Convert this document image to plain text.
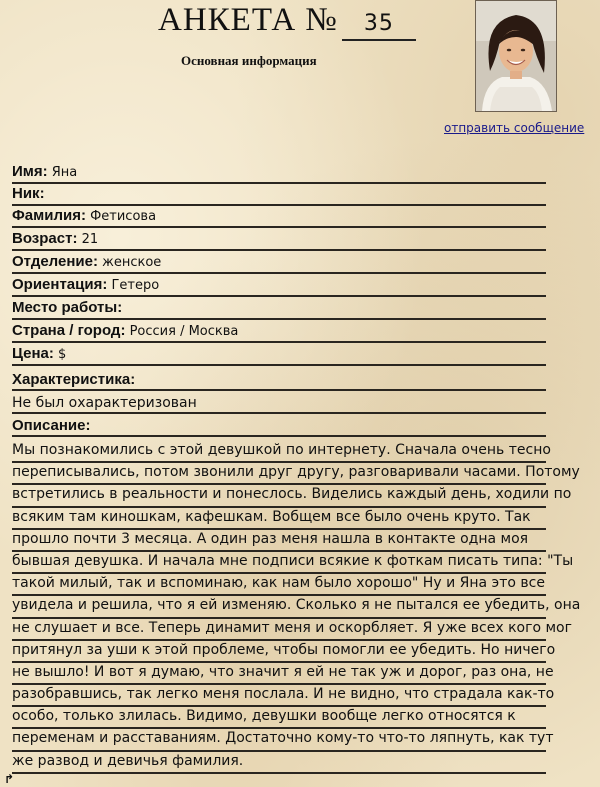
АНКЕТА № 35
Основная информация
отправить сообщение
Имя: Яна
Ник:
Фамилия: Фетисова
Возраст: 21
Отделение: женское
Ориентация: Гетеро
Место работы:
Страна / город: Россия / Москва
Цена: $
Характеристика:
Не был охарактеризован
Описание:
Мы познакомились с этой девушкой по интернету. Сначала очень тесно
переписывались, потом звонили друг другу, разговаривали часами. Потому
встретились в реальности и понеслось. Виделись каждый день, ходили по
всяким там киношкам, кафешкам. Вобщем все было очень круто. Так
прошло почти 3 месяца. А один раз меня нашла в контакте одна моя
бывшая девушка. И начала мне подписи всякие к фоткам писать типа: "Ты
такой милый, так и вспоминаю, как нам было хорошо" Ну и Яна это все
увидела и решила, что я ей изменяю. Сколько я не пытался ее убедить, она
не слушает и все. Теперь динамит меня и оскорбляет. Я уже всех кого мог
притянул за уши к этой проблеме, чтобы помогли ее убедить. Но ничего
не вышло! И вот я думаю, что значит я ей не так уж и дорог, раз она, не
разобравшись, так легко меня послала. И не видно, что страдала как-то
особо, только злилась. Видимо, девушки вообще легко относятся к
переменам и расставаниям. Достаточно кому-то что-то ляпнуть, как тут
же развод и девичья фамилия.
↱
